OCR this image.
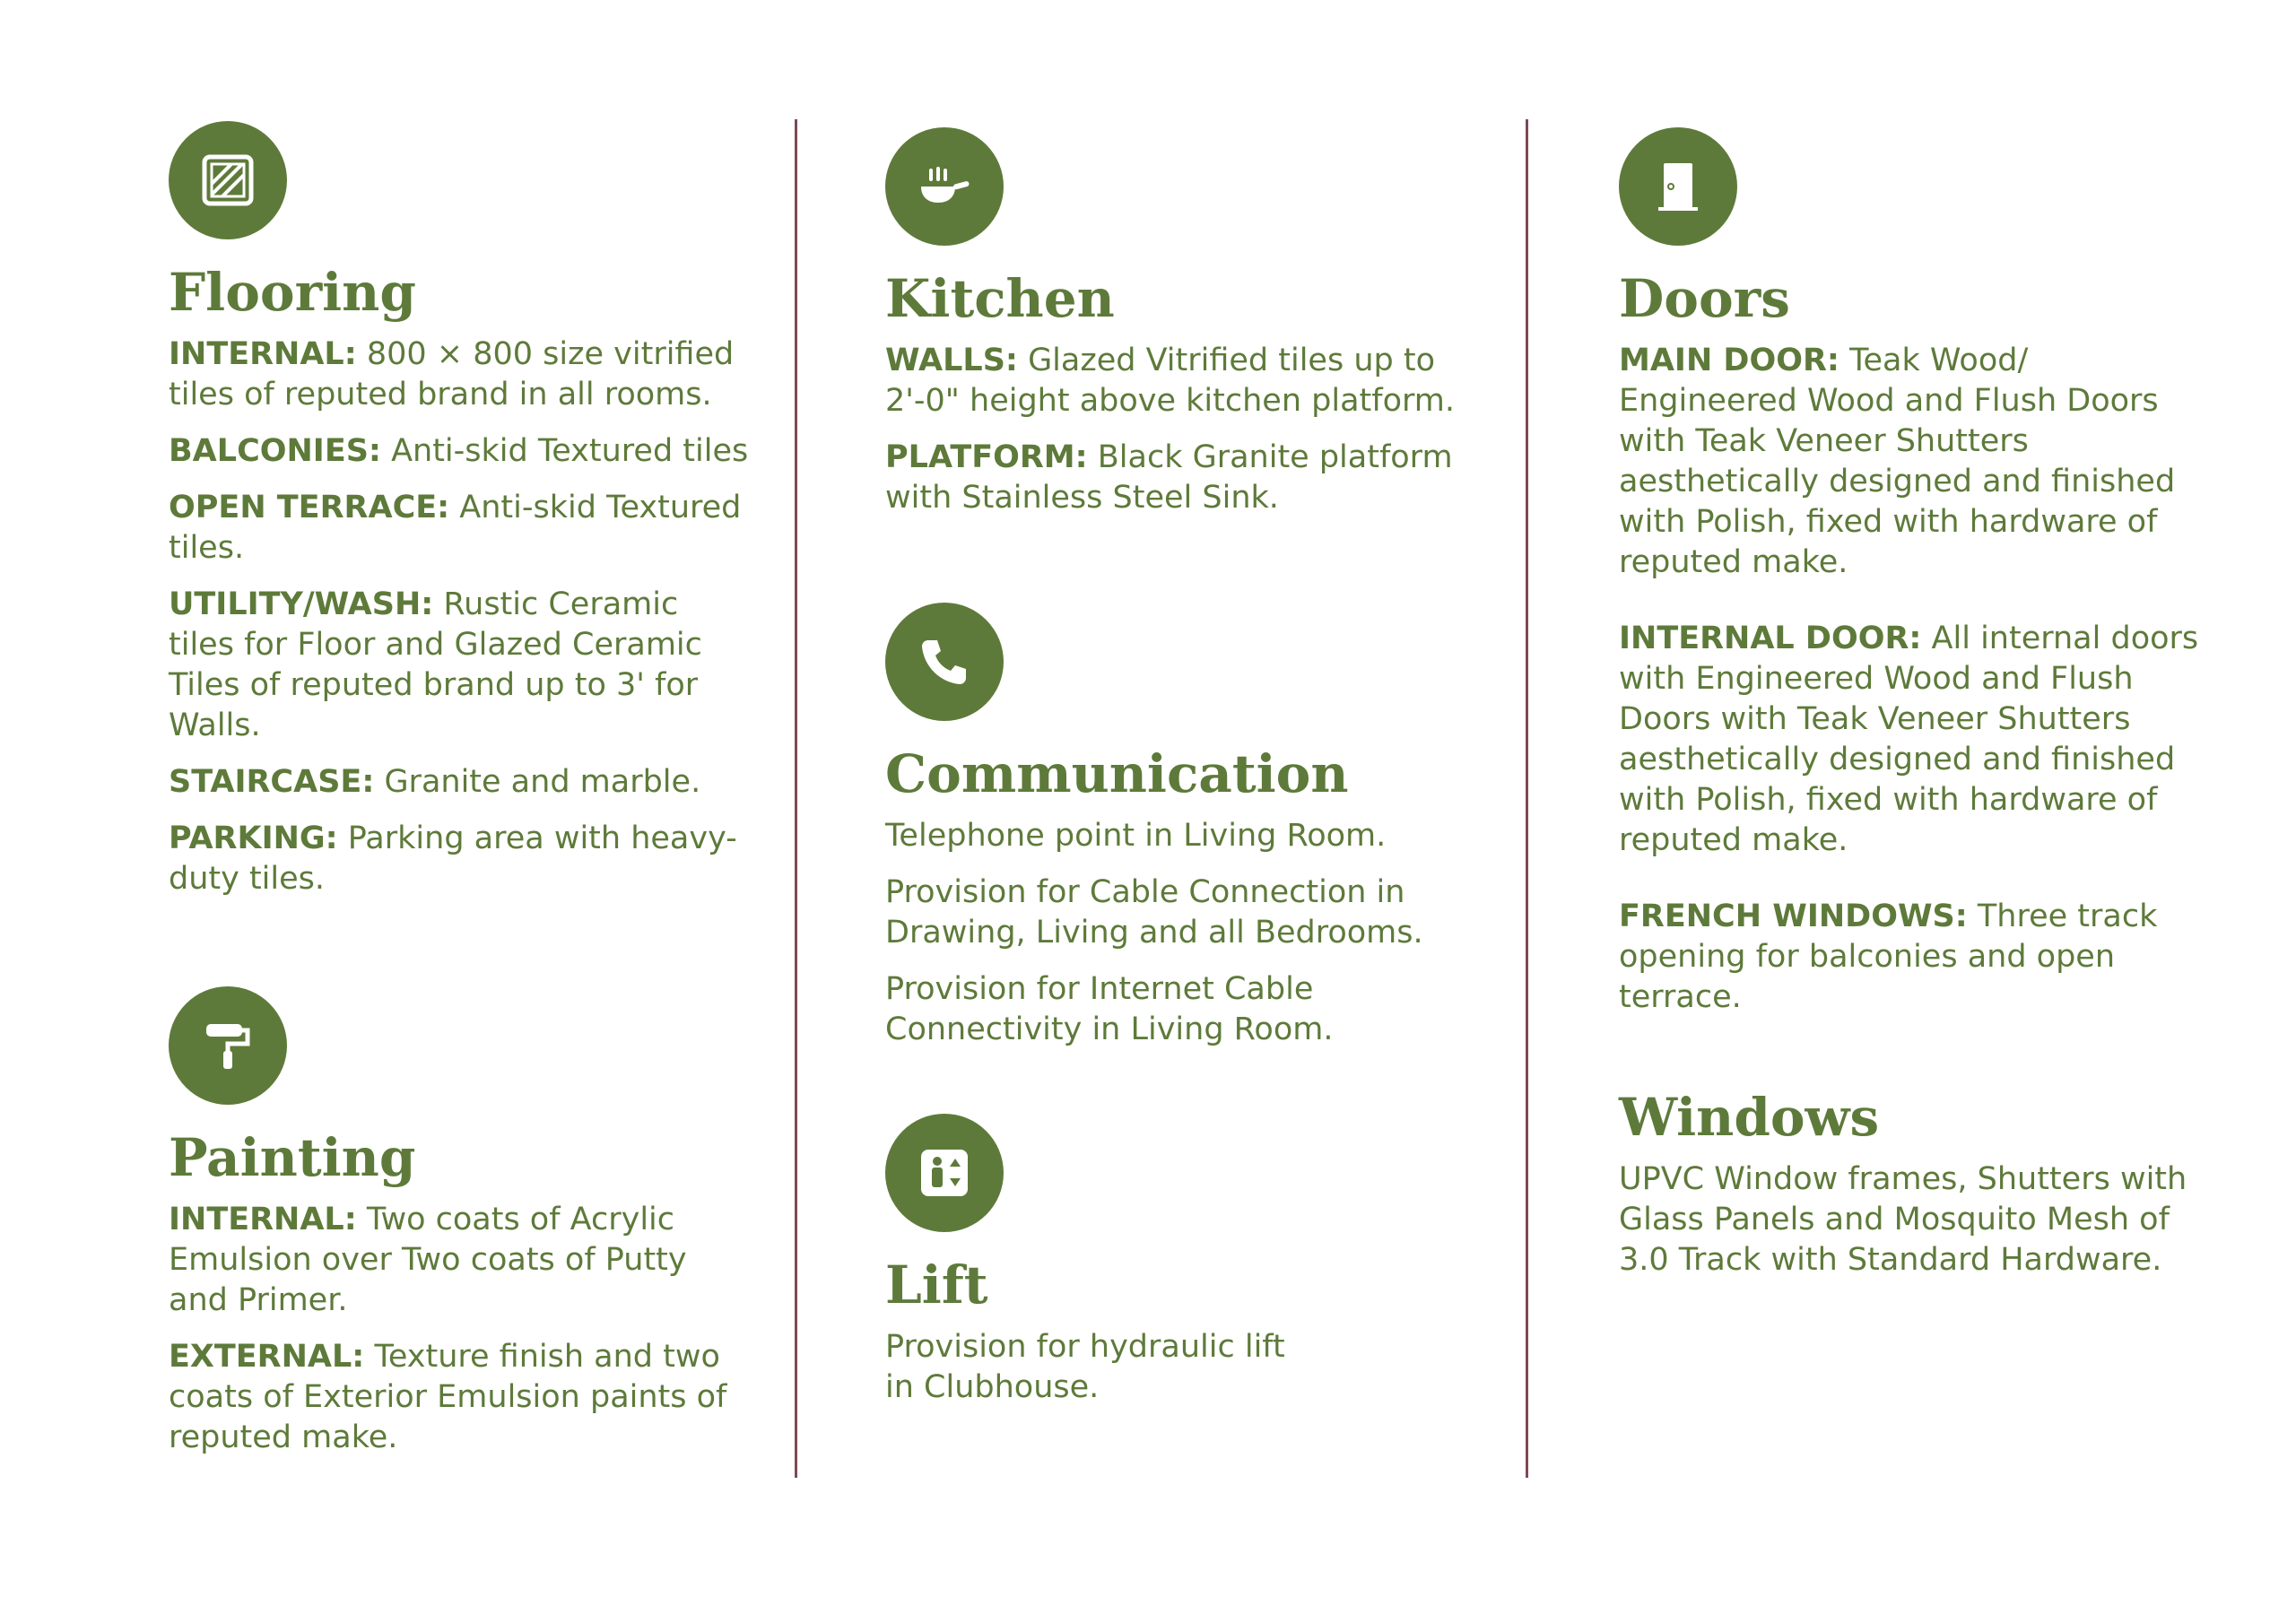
Flooring

INTERNAL: 800 × 800 size vitrified tiles of reputed brand in all rooms.

BALCONIES: Anti-skid Textured tiles

OPEN TERRACE: Anti-skid Textured tiles.

UTILITY/WASH: Rustic Ceramic tiles for Floor and Glazed Ceramic Tiles of reputed brand up to 3' for Walls.

STAIRCASE: Granite and marble.

PARKING: Parking area with heavy-duty tiles.

Painting

INTERNAL: Two coats of Acrylic Emulsion over Two coats of Putty and Primer.

EXTERNAL: Texture finish and two coats of Exterior Emulsion paints of reputed make.

Kitchen

WALLS: Glazed Vitrified tiles up to 2'-0" height above kitchen platform.

PLATFORM: Black Granite platform with Stainless Steel Sink.

Communication

Telephone point in Living Room.

Provision for Cable Connection in Drawing, Living and all Bedrooms.

Provision for Internet Cable Connectivity in Living Room.

Lift

Provision for hydraulic lift in Clubhouse.

Doors

MAIN DOOR: Teak Wood/ Engineered Wood and Flush Doors with Teak Veneer Shutters aesthetically designed and finished with Polish, fixed with hardware of reputed make.

INTERNAL DOOR: All internal doors with Engineered Wood and Flush Doors with Teak Veneer Shutters aesthetically designed and finished with Polish, fixed with hardware of reputed make.

FRENCH WINDOWS: Three track opening for balconies and open terrace.

Windows

UPVC Window frames, Shutters with Glass Panels and Mosquito Mesh of 3.0 Track with Standard Hardware.
